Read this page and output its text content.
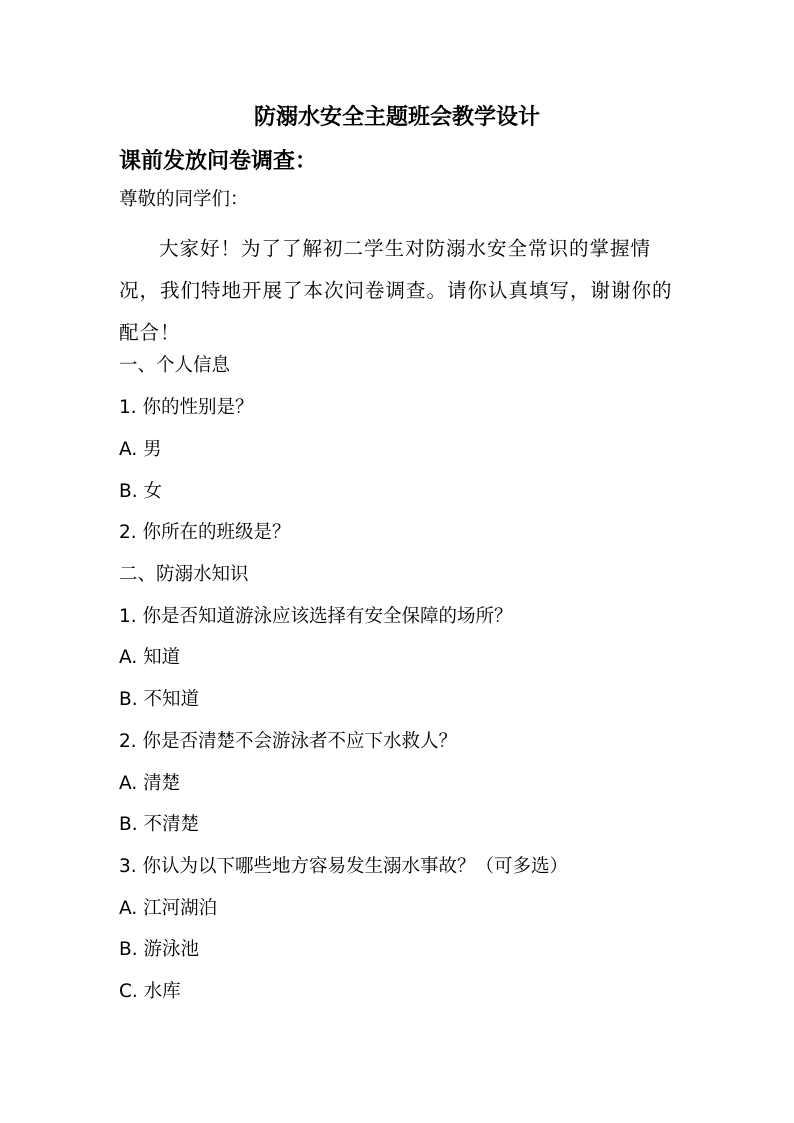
防溺水安全主题班会教学设计
课前发放问卷调查：
尊敬的同学们：
大家好！为了了解初二学生对防溺水安全常识的掌握情况，我们特地开展了本次问卷调查。请你认真填写，谢谢你的配合！
一、个人信息
1. 你的性别是？
A. 男
B. 女
2. 你所在的班级是？
二、防溺水知识
1. 你是否知道游泳应该选择有安全保障的场所？
A. 知道
B. 不知道
2. 你是否清楚不会游泳者不应下水救人？
A. 清楚
B. 不清楚
3. 你认为以下哪些地方容易发生溺水事故？（可多选）
A. 江河湖泊
B. 游泳池
C. 水库
